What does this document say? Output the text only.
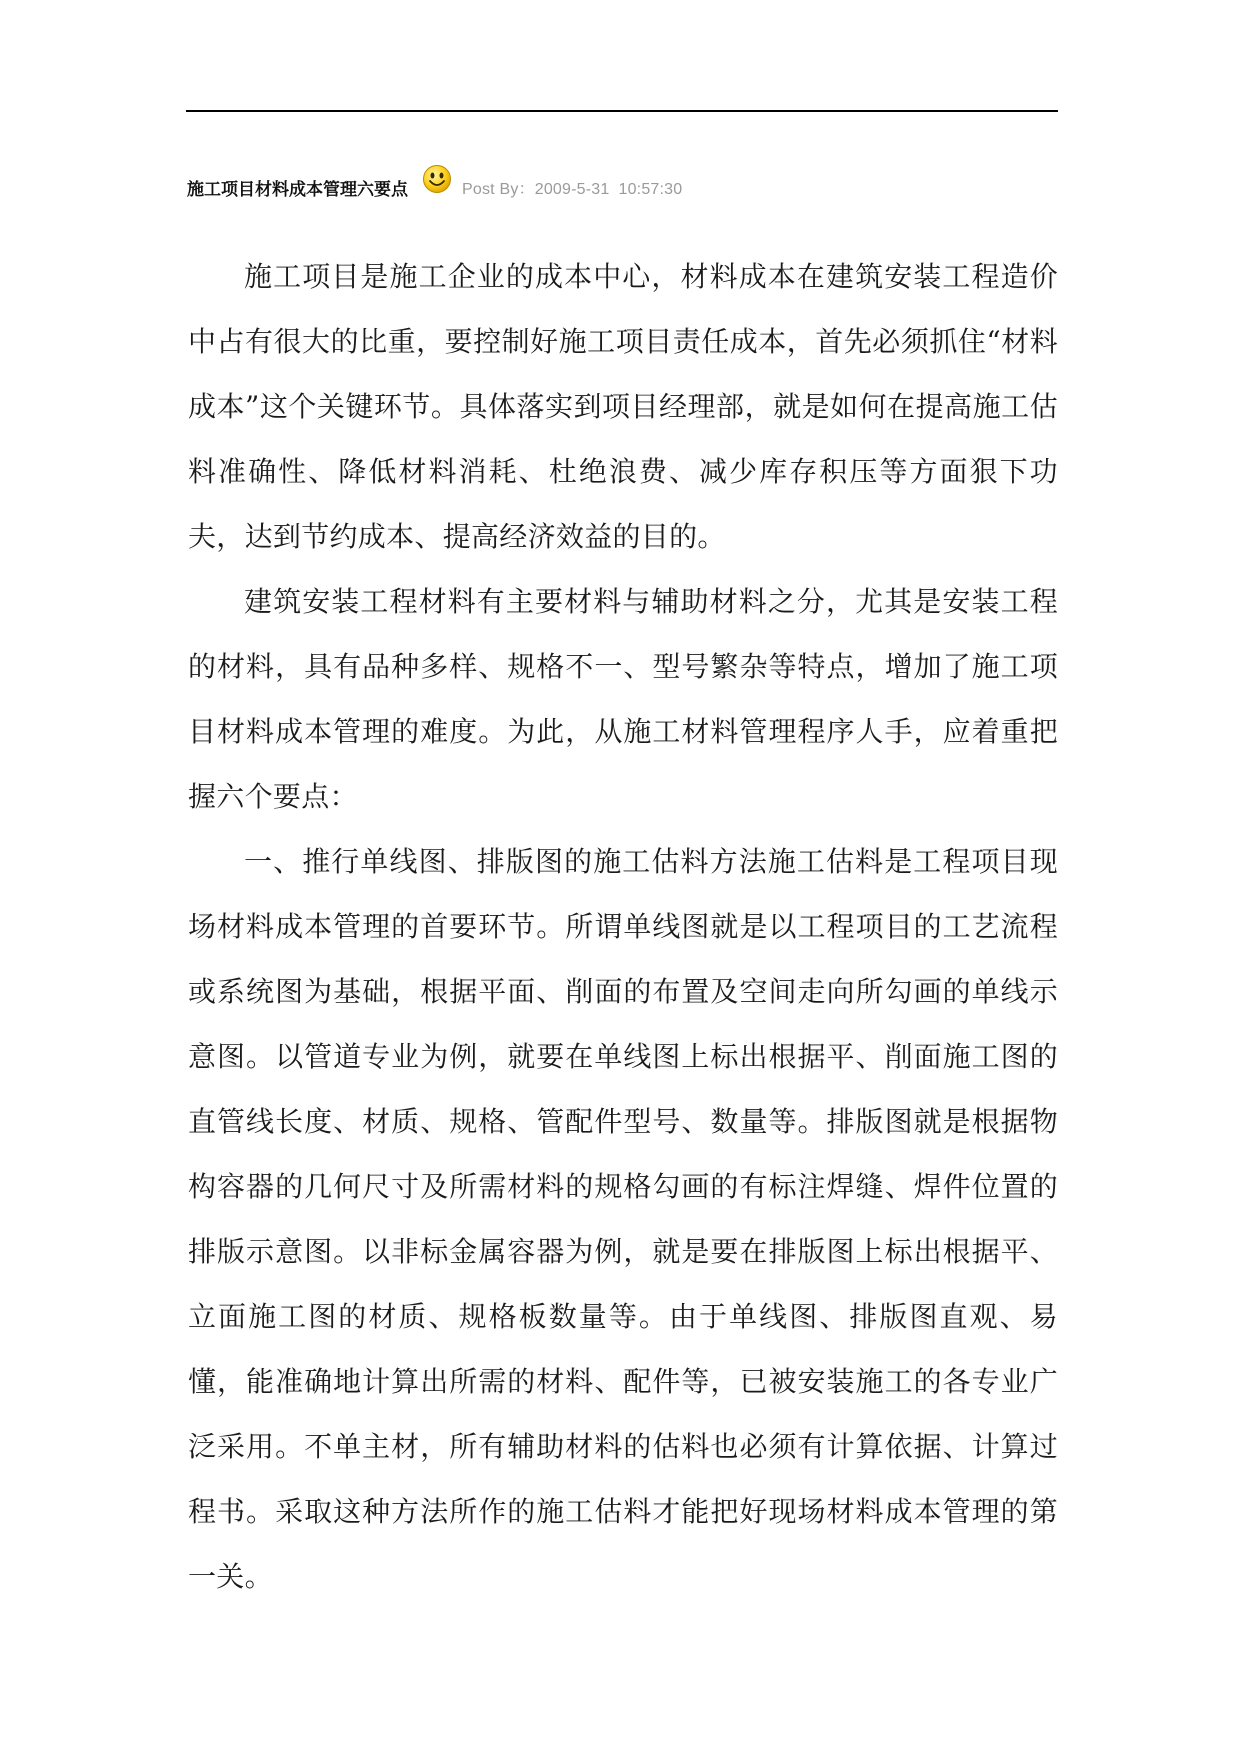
施工项目材料成本管理六要点	Post By：2009-5-31 10:57:30

施工项目是施工企业的成本中心，材料成本在建筑安装工程造价中占有很大的比重，要控制好施工项目责任成本，首先必须抓住“材料成本”这个关键环节。具体落实到项目经理部，就是如何在提高施工估料准确性、降低材料消耗、杜绝浪费、减少库存积压等方面狠下功夫，达到节约成本、提高经济效益的目的。

建筑安装工程材料有主要材料与辅助材料之分，尤其是安装工程的材料，具有品种多样、规格不一、型号繁杂等特点，增加了施工项目材料成本管理的难度。为此，从施工材料管理程序人手，应着重把握六个要点：

一、推行单线图、排版图的施工估料方法施工估料是工程项目现场材料成本管理的首要环节。所谓单线图就是以工程项目的工艺流程或系统图为基础，根据平面、削面的布置及空间走向所勾画的单线示意图。以管道专业为例，就要在单线图上标出根据平、削面施工图的直管线长度、材质、规格、管配件型号、数量等。排版图就是根据物构容器的几何尺寸及所需材料的规格勾画的有标注焊缝、焊件位置的排版示意图。以非标金属容器为例，就是要在排版图上标出根据平、立面施工图的材质、规格板数量等。由于单线图、排版图直观、易懂，能准确地计算出所需的材料、配件等，已被安装施工的各专业广泛采用。不单主材，所有辅助材料的估料也必须有计算依据、计算过程书。采取这种方法所作的施工估料才能把好现场材料成本管理的第一关。
